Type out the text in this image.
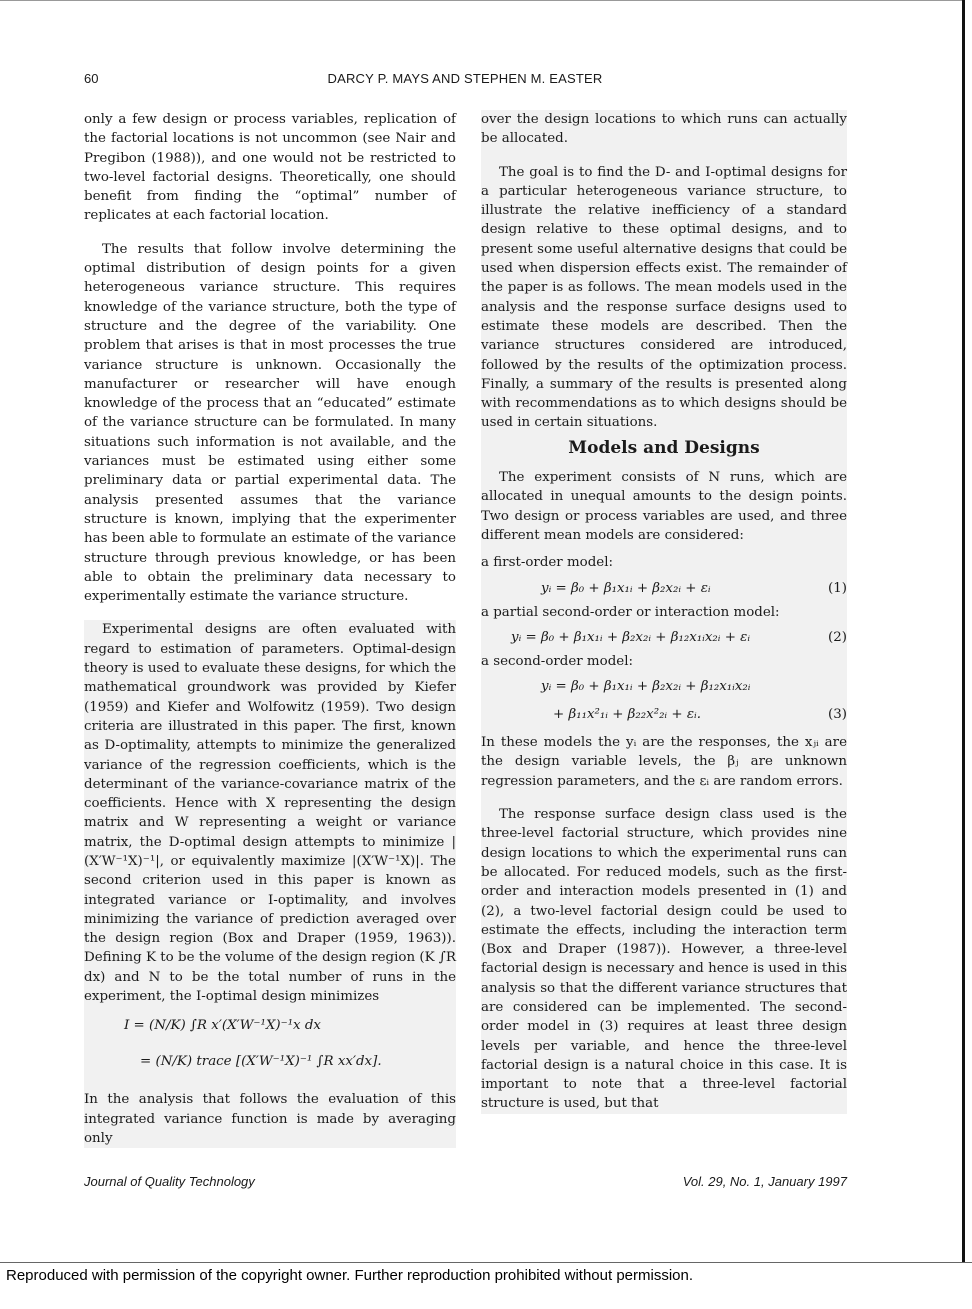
60	DARCY P. MAYS AND STEPHEN M. EASTER

only a few design or process variables, replication of the factorial locations is not uncommon (see Nair and Pregibon (1988)), and one would not be restricted to two-level factorial designs. Theoretically, one should benefit from finding the “optimal” number of replicates at each factorial location.

The results that follow involve determining the optimal distribution of design points for a given heterogeneous variance structure. This requires knowledge of the variance structure, both the type of structure and the degree of the variability. One problem that arises is that in most processes the true variance structure is unknown. Occasionally the manufacturer or researcher will have enough knowledge of the process that an “educated” estimate of the variance structure can be formulated. In many situations such information is not available, and the variances must be estimated using either some preliminary data or partial experimental data. The analysis presented assumes that the variance structure is known, implying that the experimenter has been able to formulate an estimate of the variance structure through previous knowledge, or has been able to obtain the preliminary data necessary to experimentally estimate the variance structure.

Experimental designs are often evaluated with regard to estimation of parameters. Optimal-design theory is used to evaluate these designs, for which the mathematical groundwork was provided by Kiefer (1959) and Kiefer and Wolfowitz (1959). Two design criteria are illustrated in this paper. The first, known as D-optimality, attempts to minimize the generalized variance of the regression coefficients, which is the determinant of the variance-covariance matrix of the coefficients. Hence with X representing the design matrix and W representing a weight or variance matrix, the D-optimal design attempts to minimize |(X′W⁻¹X)⁻¹|, or equivalently maximize |(X′W⁻¹X)|. The second criterion used in this paper is known as integrated variance or I-optimality, and involves minimizing the variance of prediction averaged over the design region (Box and Draper (1959, 1963)). Defining K to be the volume of the design region (K ∫R dx) and N to be the total number of runs in the experiment, the I-optimal design minimizes

I = (N/K) ∫R x′(X′W⁻¹X)⁻¹x dx
= (N/K) trace [(X′W⁻¹X)⁻¹ ∫R xx′dx].

In the analysis that follows the evaluation of this integrated variance function is made by averaging only

over the design locations to which runs can actually be allocated.

The goal is to find the D- and I-optimal designs for a particular heterogeneous variance structure, to illustrate the relative inefficiency of a standard design relative to these optimal designs, and to present some useful alternative designs that could be used when dispersion effects exist. The remainder of the paper is as follows. The mean models used in the analysis and the response surface designs used to estimate these models are described. Then the variance structures considered are introduced, followed by the results of the optimization process. Finally, a summary of the results is presented along with recommendations as to which designs should be used in certain situations.

Models and Designs

The experiment consists of N runs, which are allocated in unequal amounts to the design points. Two design or process variables are used, and three different mean models are considered:

a first-order model:

yᵢ = β₀ + β₁x₁ᵢ + β₂x₂ᵢ + εᵢ	(1)

a partial second-order or interaction model:

yᵢ = β₀ + β₁x₁ᵢ + β₂x₂ᵢ + β₁₂x₁ᵢx₂ᵢ + εᵢ	(2)

a second-order model:

yᵢ = β₀ + β₁x₁ᵢ + β₂x₂ᵢ + β₁₂x₁ᵢx₂ᵢ
+ β₁₁x²₁ᵢ + β₂₂x²₂ᵢ + εᵢ.	(3)

In these models the yᵢ are the responses, the xⱼᵢ are the design variable levels, the βⱼ are unknown regression parameters, and the εᵢ are random errors.

The response surface design class used is the three-level factorial structure, which provides nine design locations to which the experimental runs can be allocated. For reduced models, such as the first-order and interaction models presented in (1) and (2), a two-level factorial design could be used to estimate the effects, including the interaction term (Box and Draper (1987)). However, a three-level factorial design is necessary and hence is used in this analysis so that the different variance structures that are considered can be implemented. The second-order model in (3) requires at least three design levels per variable, and hence the three-level factorial design is a natural choice in this case. It is important to note that a three-level factorial structure is used, but that

Journal of Quality Technology	Vol. 29, No. 1, January 1997
Reproduced with permission of the copyright owner. Further reproduction prohibited without permission.
